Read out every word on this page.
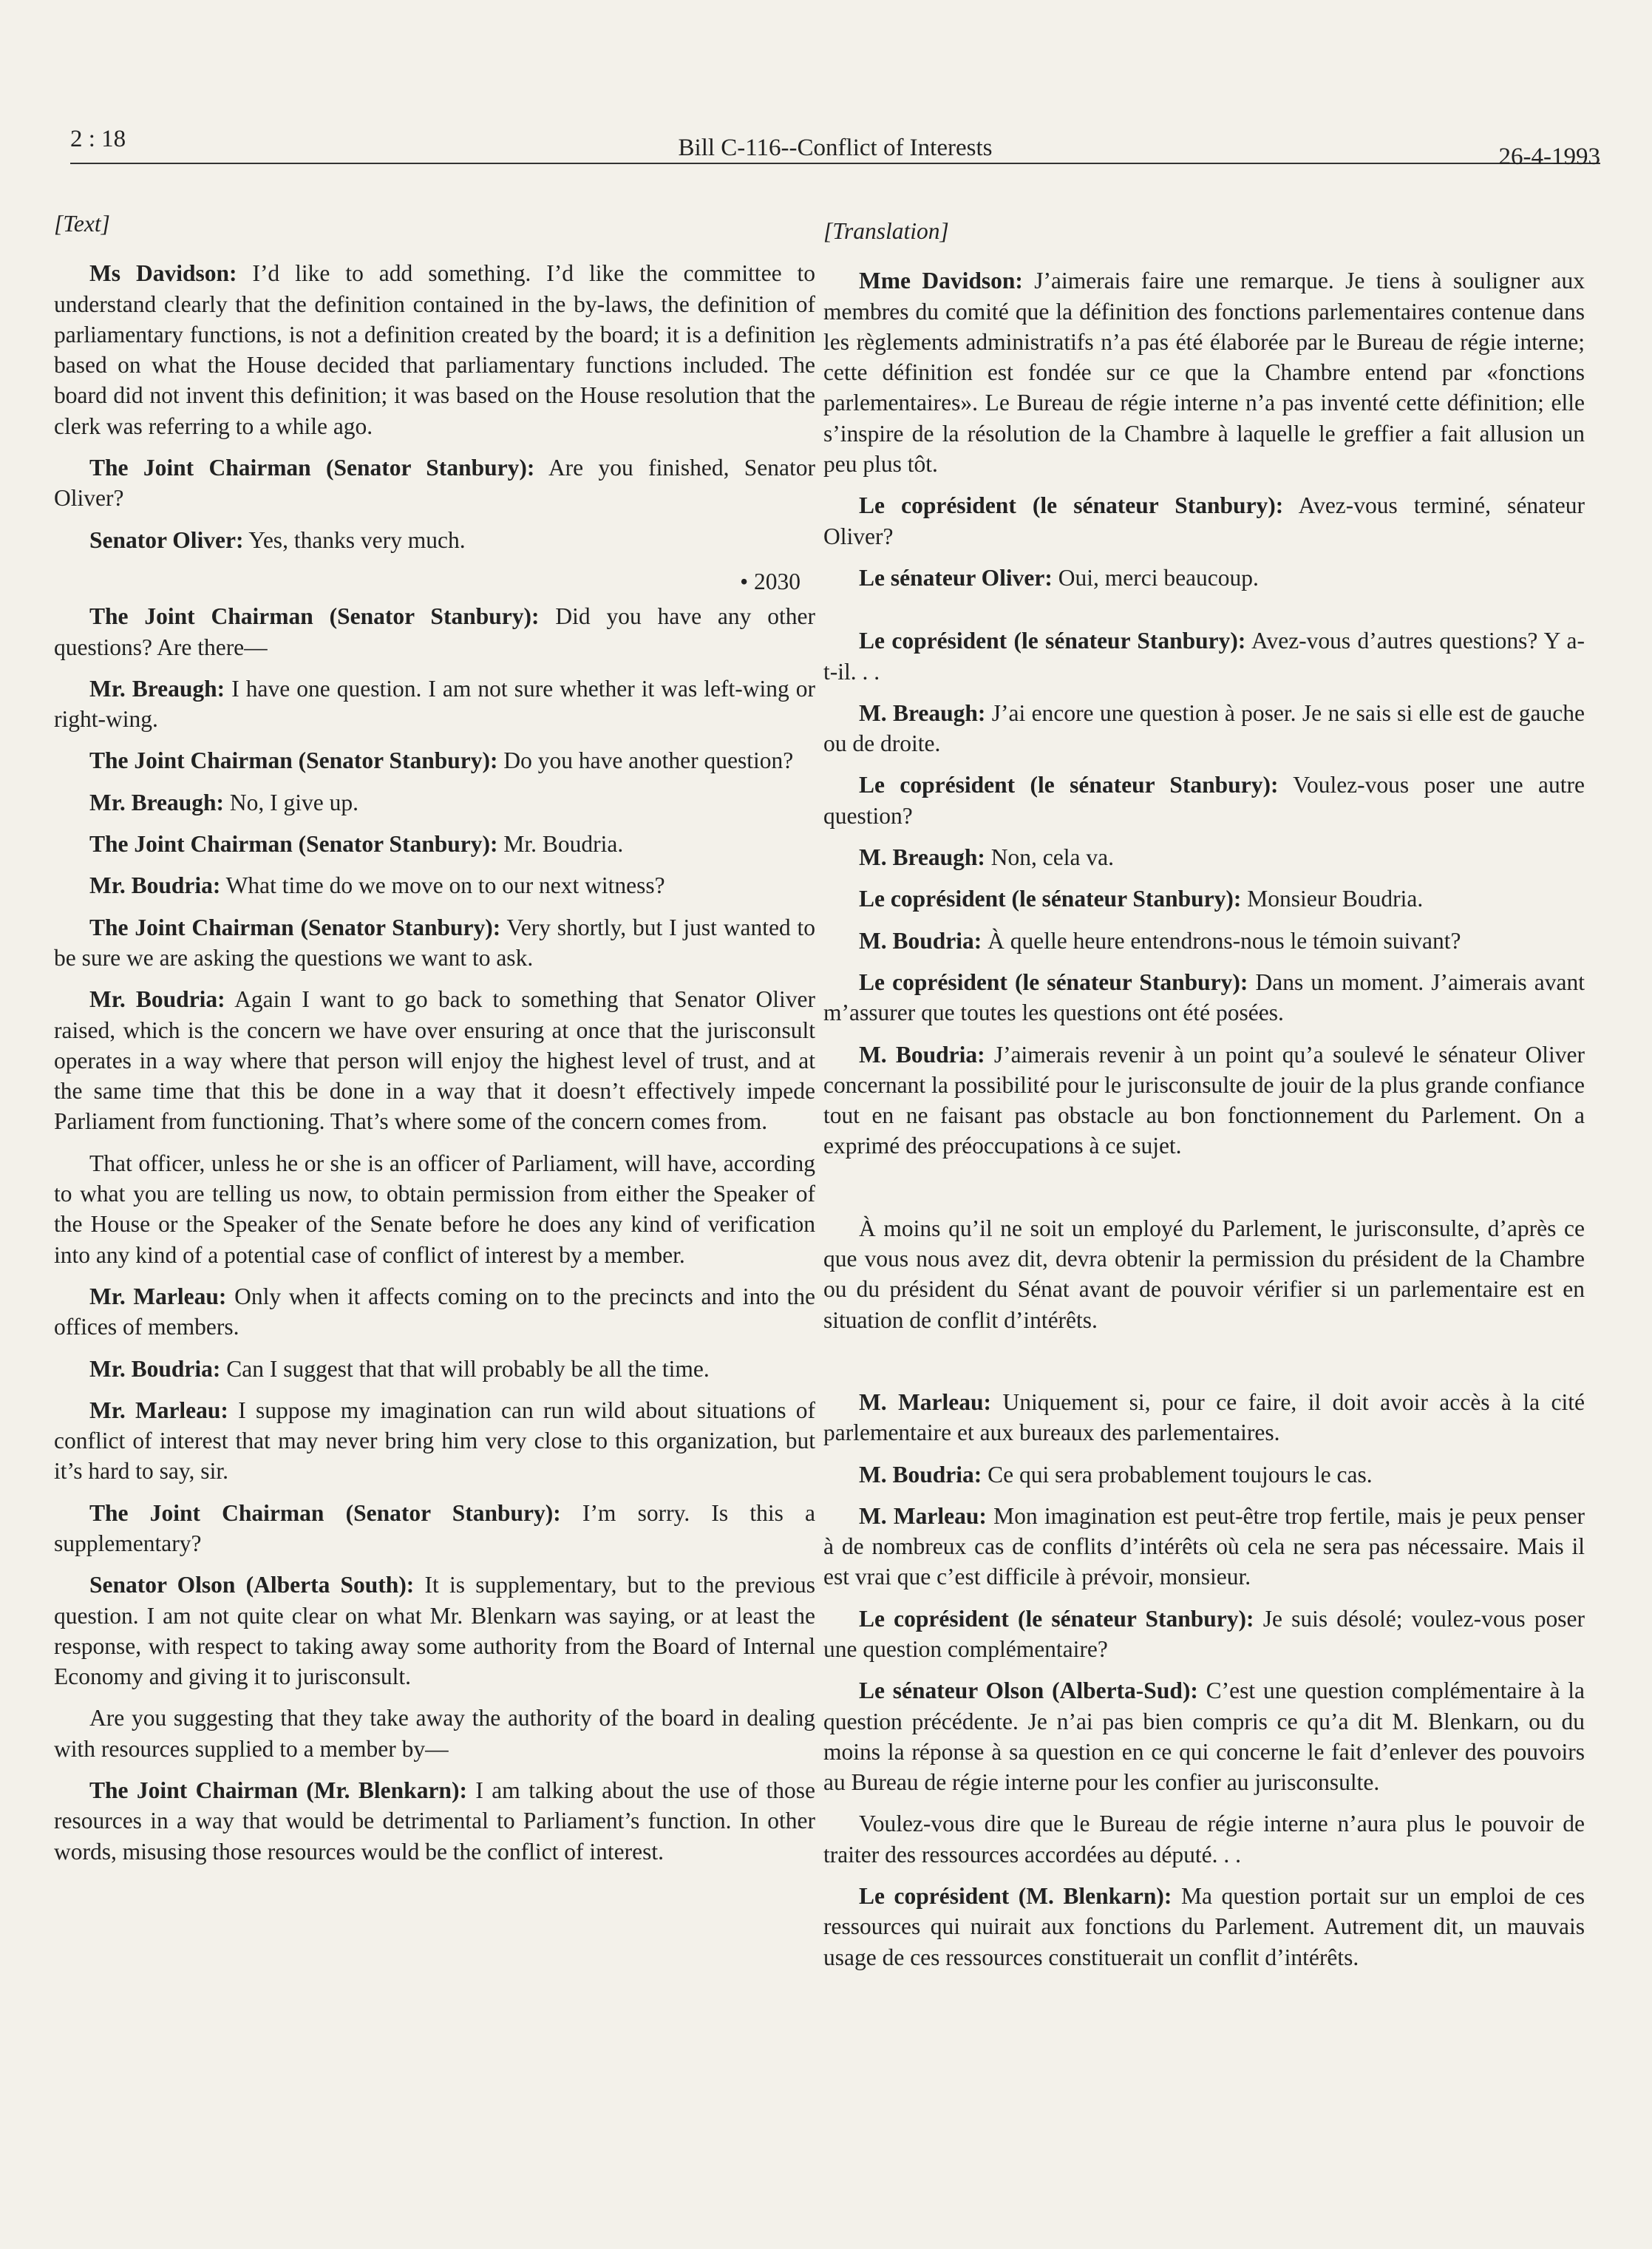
2 : 18	Bill C-116--Conflict of Interests	26-4-1993

[Text]

Ms Davidson: I’d like to add something. I’d like the committee to understand clearly that the definition contained in the by-laws, the definition of parliamentary functions, is not a definition created by the board; it is a definition based on what the House decided that parliamentary functions included. The board did not invent this definition; it was based on the House resolution that the clerk was referring to a while ago.

The Joint Chairman (Senator Stanbury): Are you finished, Senator Oliver?

Senator Oliver: Yes, thanks very much.

• 2030

The Joint Chairman (Senator Stanbury): Did you have any other questions? Are there—

Mr. Breaugh: I have one question. I am not sure whether it was left-wing or right-wing.

The Joint Chairman (Senator Stanbury): Do you have another question?

Mr. Breaugh: No, I give up.

The Joint Chairman (Senator Stanbury): Mr. Boudria.

Mr. Boudria: What time do we move on to our next witness?

The Joint Chairman (Senator Stanbury): Very shortly, but I just wanted to be sure we are asking the questions we want to ask.

Mr. Boudria: Again I want to go back to something that Senator Oliver raised, which is the concern we have over ensuring at once that the jurisconsult operates in a way where that person will enjoy the highest level of trust, and at the same time that this be done in a way that it doesn’t effectively impede Parliament from functioning. That’s where some of the concern comes from.

That officer, unless he or she is an officer of Parliament, will have, according to what you are telling us now, to obtain permission from either the Speaker of the House or the Speaker of the Senate before he does any kind of verification into any kind of a potential case of conflict of interest by a member.

Mr. Marleau: Only when it affects coming on to the precincts and into the offices of members.

Mr. Boudria: Can I suggest that that will probably be all the time.

Mr. Marleau: I suppose my imagination can run wild about situations of conflict of interest that may never bring him very close to this organization, but it’s hard to say, sir.

The Joint Chairman (Senator Stanbury): I’m sorry. Is this a supplementary?

Senator Olson (Alberta South): It is supplementary, but to the previous question. I am not quite clear on what Mr. Blenkarn was saying, or at least the response, with respect to taking away some authority from the Board of Internal Economy and giving it to jurisconsult.

Are you suggesting that they take away the authority of the board in dealing with resources supplied to a member by—

The Joint Chairman (Mr. Blenkarn): I am talking about the use of those resources in a way that would be detrimental to Parliament’s function. In other words, misusing those resources would be the conflict of interest.

[Translation]

Mme Davidson: J’aimerais faire une remarque. Je tiens à souligner aux membres du comité que la définition des fonctions parlementaires contenue dans les règlements administratifs n’a pas été élaborée par le Bureau de régie interne; cette définition est fondée sur ce que la Chambre entend par «fonctions parlementaires». Le Bureau de régie interne n’a pas inventé cette définition; elle s’inspire de la résolution de la Chambre à laquelle le greffier a fait allusion un peu plus tôt.

Le coprésident (le sénateur Stanbury): Avez-vous terminé, sénateur Oliver?

Le sénateur Oliver: Oui, merci beaucoup.

Le coprésident (le sénateur Stanbury): Avez-vous d’autres questions? Y a-t-il. . .

M. Breaugh: J’ai encore une question à poser. Je ne sais si elle est de gauche ou de droite.

Le coprésident (le sénateur Stanbury): Voulez-vous poser une autre question?

M. Breaugh: Non, cela va.

Le coprésident (le sénateur Stanbury): Monsieur Boudria.

M. Boudria: À quelle heure entendrons-nous le témoin suivant?

Le coprésident (le sénateur Stanbury): Dans un moment. J’aimerais avant m’assurer que toutes les questions ont été posées.

M. Boudria: J’aimerais revenir à un point qu’a soulevé le sénateur Oliver concernant la possibilité pour le jurisconsulte de jouir de la plus grande confiance tout en ne faisant pas obstacle au bon fonctionnement du Parlement. On a exprimé des préoccupations à ce sujet.

À moins qu’il ne soit un employé du Parlement, le jurisconsulte, d’après ce que vous nous avez dit, devra obtenir la permission du président de la Chambre ou du président du Sénat avant de pouvoir vérifier si un parlementaire est en situation de conflit d’intérêts.

M. Marleau: Uniquement si, pour ce faire, il doit avoir accès à la cité parlementaire et aux bureaux des parlementaires.

M. Boudria: Ce qui sera probablement toujours le cas.

M. Marleau: Mon imagination est peut-être trop fertile, mais je peux penser à de nombreux cas de conflits d’intérêts où cela ne sera pas nécessaire. Mais il est vrai que c’est difficile à prévoir, monsieur.

Le coprésident (le sénateur Stanbury): Je suis désolé; voulez-vous poser une question complémentaire?

Le sénateur Olson (Alberta-Sud): C’est une question complémentaire à la question précédente. Je n’ai pas bien compris ce qu’a dit M. Blenkarn, ou du moins la réponse à sa question en ce qui concerne le fait d’enlever des pouvoirs au Bureau de régie interne pour les confier au jurisconsulte.

Voulez-vous dire que le Bureau de régie interne n’aura plus le pouvoir de traiter des ressources accordées au député. . .

Le coprésident (M. Blenkarn): Ma question portait sur un emploi de ces ressources qui nuirait aux fonctions du Parlement. Autrement dit, un mauvais usage de ces ressources constituerait un conflit d’intérêts.
